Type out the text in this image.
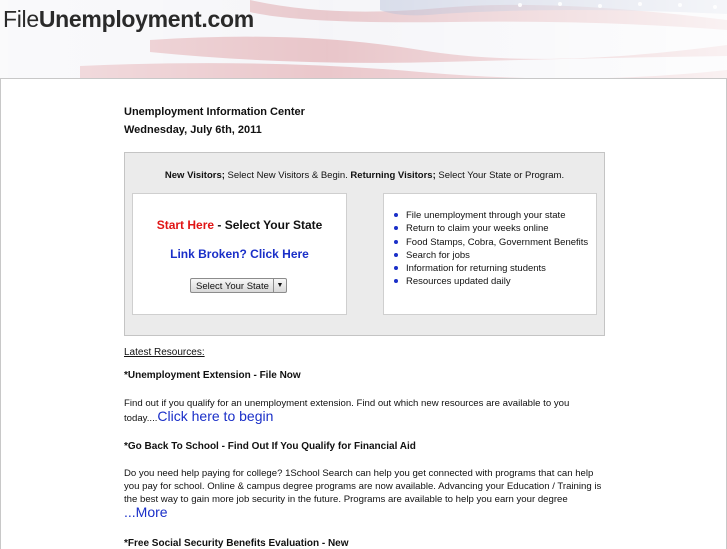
FileUnemployment.com
Unemployment Information Center
Wednesday, July 6th, 2011
New Visitors; Select New Visitors & Begin. Returning Visitors; Select Your State or Program.
Start Here - Select Your State
Link Broken? Click Here
Select Your State	▼
File unemployment through your state
Return to claim your weeks online
Food Stamps, Cobra, Government Benefits
Search for jobs
Information for returning students
Resources updated daily
Latest Resources:
*Unemployment Extension - File Now
Find out if you qualify for an unemployment extension. Find out which new resources are available to you today....Click here to begin
*Go Back To School - Find Out If You Qualify for Financial Aid
Do you need help paying for college? 1School Search can help you get connected with programs that can help you pay for school. Online & campus degree programs are now available. Advancing your Education / Training is the best way to gain more job security in the future. Programs are available to help you earn your degree
...More
*Free Social Security Benefits Evaluation - New
